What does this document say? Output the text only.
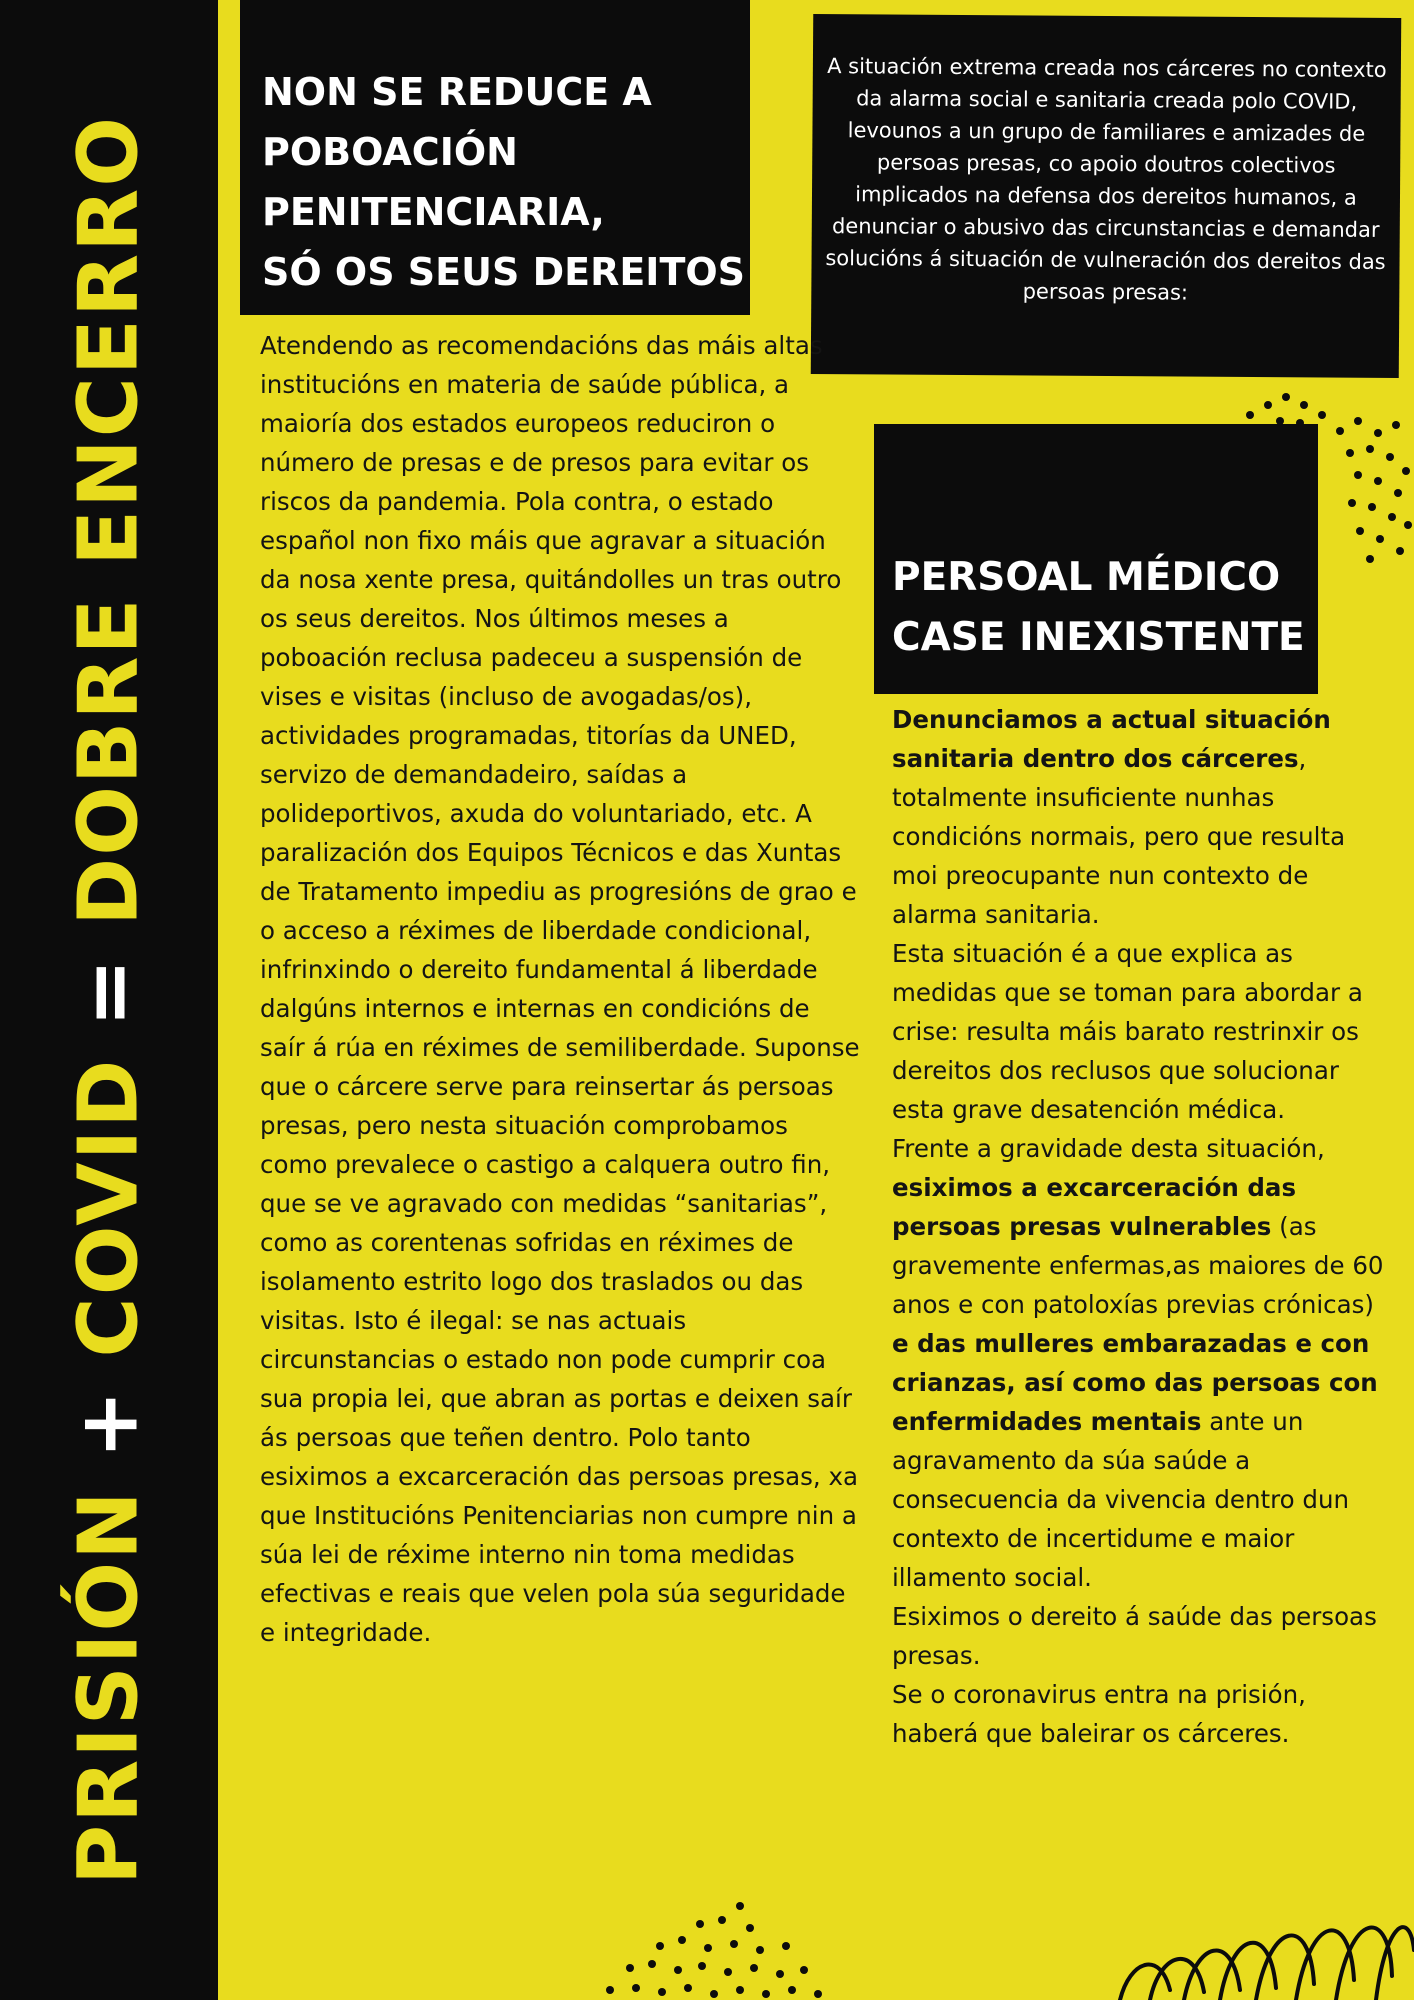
PRISIÓN + COVID = DOBRE ENCERRO
NON SE REDUCE A
POBOACIÓN
PENITENCIARIA,
SÓ OS SEUS DEREITOS

A situación extrema creada nos cárceres no contexto da alarma social e sanitaria creada polo COVID, levounos a un grupo de familiares e amizades de persoas presas, co apoio doutros colectivos implicados na defensa dos dereitos humanos, a denunciar o abusivo das circunstancias e demandar solucións á situación de vulneración dos dereitos das persoas presas:

Atendendo as recomendacións das máis altas institucións en materia de saúde pública, a maioría dos estados europeos reduciron o número de presas e de presos para evitar os riscos da pandemia. Pola contra, o estado español non fixo máis que agravar a situación da nosa xente presa, quitándolles un tras outro os seus dereitos. Nos últimos meses a poboación reclusa padeceu a suspensión de vises e visitas (incluso de avogadas/os), actividades programadas, titorías da UNED, servizo de demandadeiro, saídas a polideportivos, axuda do voluntariado, etc. A paralización dos Equipos Técnicos e das Xuntas de Tratamento impediu as progresións de grao e o acceso a réximes de liberdade condicional, infrinxindo o dereito fundamental á liberdade dalgúns internos e internas en condicións de saír á rúa en réximes de semiliberdade. Suponse que o cárcere serve para reinsertar ás persoas presas, pero nesta situación comprobamos como prevalece o castigo a calquera outro fin, que se ve agravado con medidas “sanitarias”, como as corentenas sofridas en réximes de isolamento estrito logo dos traslados ou das visitas. Isto é ilegal: se nas actuais circunstancias o estado non pode cumprir coa sua propia lei, que abran as portas e deixen saír ás persoas que teñen dentro. Polo tanto esiximos a excarceración das persoas presas, xa que Institucións Penitenciarias non cumpre nin a súa lei de réxime interno nin toma medidas efectivas e reais que velen pola súa seguridade e integridade.

PERSOAL MÉDICO
CASE INEXISTENTE

Denunciamos a actual situación sanitaria dentro dos cárceres, totalmente insuficiente nunhas condicións normais, pero que resulta moi preocupante nun contexto de alarma sanitaria.

Esta situación é a que explica as medidas que se toman para abordar a crise: resulta máis barato restrinxir os dereitos dos reclusos que solucionar esta grave desatención médica.

Frente a gravidade desta situación, esiximos a excarceración das persoas presas vulnerables (as gravemente enfermas,as maiores de 60 anos e con patoloxías previas crónicas) e das mulleres embarazadas e con crianzas, así como das persoas con enfermidades mentais ante un agravamento da súa saúde a consecuencia da vivencia dentro dun contexto de incertidume e maior illamento social.

Esiximos o dereito á saúde das persoas presas.

Se o coronavirus entra na prisión, haberá que baleirar os cárceres.
